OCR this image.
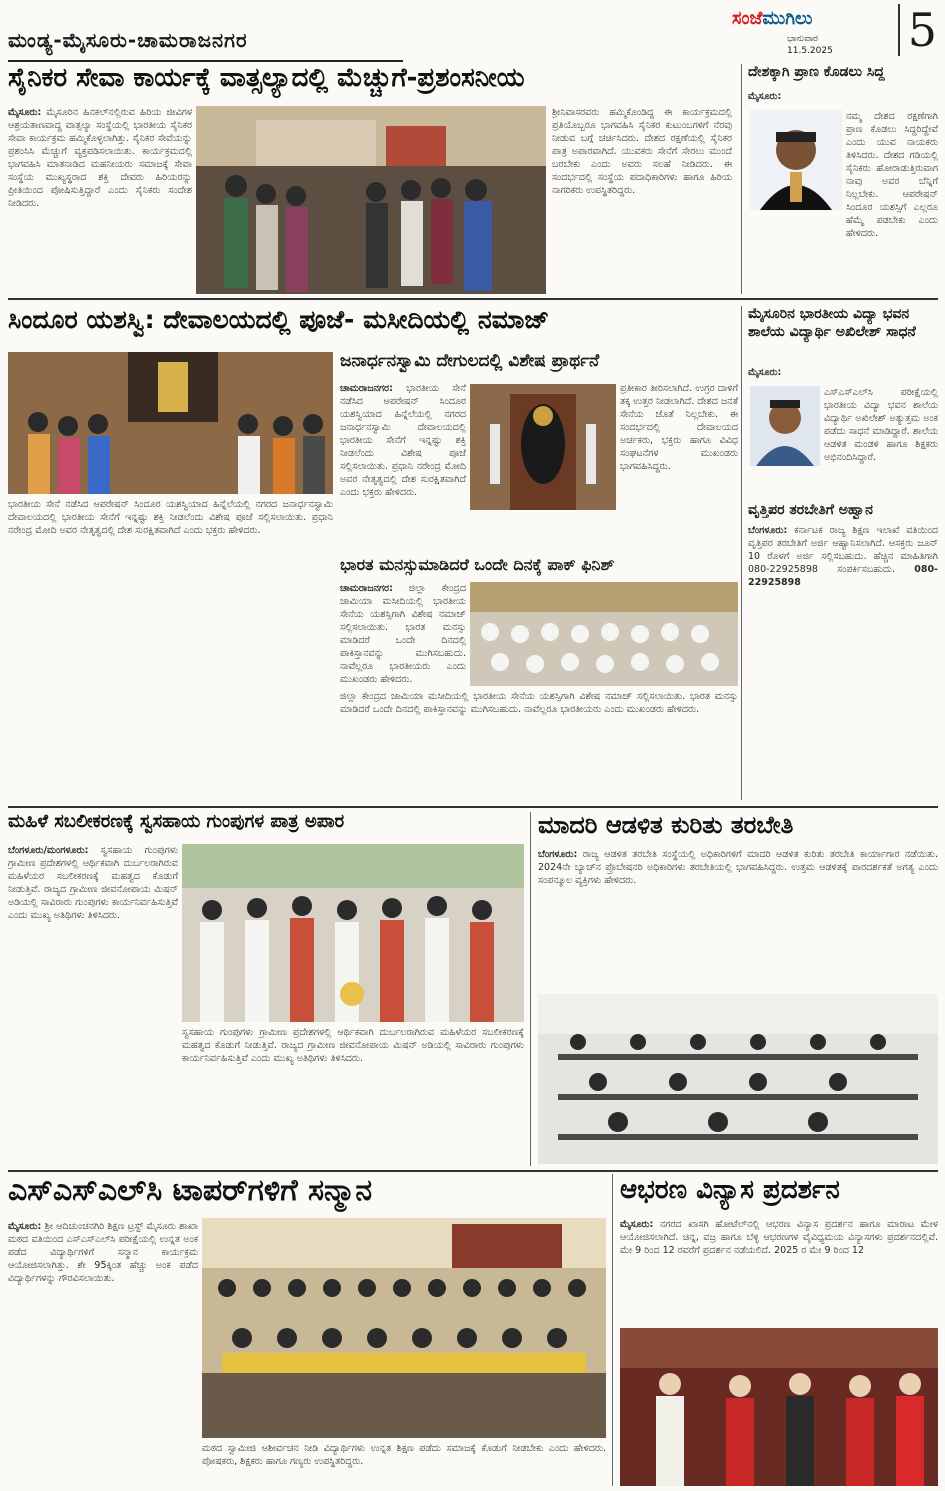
ಮಂಡ್ಯ-ಮೈಸೂರು-ಚಾಮರಾಜನಗರ
ಸಂಜೆಮುಗಿಲು
ಭಾನುವಾರ
11.5.2025 5
ಸೈನಿಕರ ಸೇವಾ ಕಾರ್ಯಕ್ಕೆ ವಾತ್ಸಲ್ಯಾದಲ್ಲಿ ಮೆಚ್ಚುಗೆ-ಪ್ರಶಂಸನೀಯ
ಮೈಸೂರು: ಮೈಸೂರಿನ ಹಿನಕಲ್‌ನಲ್ಲಿರುವ ಹಿರಿಯ ಜೀವಿಗಳ ಆಶ್ರಯತಾಣವಾದ್ದ ವಾತ್ಸಲ್ಯಾ ಸಂಸ್ಥೆಯಲ್ಲಿ ಭಾರತೀಯ ಸೈನಿಕರ ಸೇವಾ ಕಾರ್ಯಕ್ರಮ ಹಮ್ಮಿಕೊಳ್ಳಲಾಗಿತ್ತು. ಸೈನಿಕರ ಸೇವೆಯನ್ನು ಪ್ರಶಂಸಿಸಿ ಮೆಚ್ಚುಗೆ ವ್ಯಕ್ತಪಡಿಸಲಾಯಿತು. ಕಾರ್ಯಕ್ರಮದಲ್ಲಿ ಭಾಗವಹಿಸಿ ಮಾತನಾಡಿದ ಮಹನೀಯರು ಸಮಾಜಕ್ಕೆ ಸೇವಾ ಸಂಸ್ಥೆಯ ಮುಖ್ಯಸ್ಥರಾದ ಶಕ್ತಿ ದೇವರು ಹಿರಿಯರನ್ನು ಪ್ರೀತಿಯಿಂದ ಪೋಷಿಸುತ್ತಿದ್ದಾರೆ ಎಂದು ಸೈನಿಕರು ಸಂದೇಶ ನೀಡಿದರು.
ಶ್ರೀನಿವಾಸರವರು ಹಮ್ಮಿಕೊಂಡಿದ್ದ ಈ ಕಾರ್ಯಕ್ರಮದಲ್ಲಿ ಪ್ರತಿಯೊಬ್ಬರೂ ಭಾಗವಹಿಸಿ ಸೈನಿಕರ ಕುಟುಂಬಗಳಿಗೆ ನೆರವು ನೀಡುವ ಬಗ್ಗೆ ಚರ್ಚಿಸಿದರು. ದೇಶದ ರಕ್ಷಣೆಯಲ್ಲಿ ಸೈನಿಕರ ಪಾತ್ರ ಅಪಾರವಾಗಿದೆ. ಯುವಕರು ಸೇನೆಗೆ ಸೇರಲು ಮುಂದೆ ಬರಬೇಕು ಎಂದು ಅವರು ಸಲಹೆ ನೀಡಿದರು. ಈ ಸಂದರ್ಭದಲ್ಲಿ ಸಂಸ್ಥೆಯ ಪದಾಧಿಕಾರಿಗಳು ಹಾಗೂ ಹಿರಿಯ ನಾಗರಿಕರು ಉಪಸ್ಥಿತರಿದ್ದರು.
ದೇಶಕ್ಕಾಗಿ ಪ್ರಾಣ ಕೊಡಲು ಸಿದ್ದ
ಮೈಸೂರು:
ನಮ್ಮ ದೇಶದ ರಕ್ಷಣೆಗಾಗಿ ಪ್ರಾಣ ಕೊಡಲು ಸಿದ್ದರಿದ್ದೇವೆ ಎಂದು ಯುವ ನಾಯಕರು ತಿಳಿಸಿದರು. ದೇಶದ ಗಡಿಯಲ್ಲಿ ಸೈನಿಕರು ಹೋರಾಡುತ್ತಿರುವಾಗ ನಾವು ಅವರ ಬೆನ್ನಿಗೆ ನಿಲ್ಲಬೇಕು. ಆಪರೇಷನ್ ಸಿಂದೂರ ಯಶಸ್ಸಿಗೆ ಎಲ್ಲರೂ ಹೆಮ್ಮೆ ಪಡಬೇಕು ಎಂದು ಹೇಳಿದರು.
ಸಿಂದೂರ ಯಶಸ್ವಿ: ದೇವಾಲಯದಲ್ಲಿ ಪೂಜೆ- ಮಸೀದಿಯಲ್ಲಿ ನಮಾಜ್
ಜನಾರ್ಧನಸ್ವಾಮಿ ದೇಗುಲದಲ್ಲಿ ವಿಶೇಷ ಪ್ರಾರ್ಥನೆ
ಚಾಮರಾಜನಗರ: ಭಾರತೀಯ ಸೇನೆ ನಡೆಸಿದ ಆಪರೇಷನ್ ಸಿಂದೂರ ಯಶಸ್ವಿಯಾದ ಹಿನ್ನೆಲೆಯಲ್ಲಿ ನಗರದ ಜನಾರ್ಧನಸ್ವಾಮಿ ದೇವಾಲಯದಲ್ಲಿ ಭಾರತೀಯ ಸೇನೆಗೆ ಇನ್ನಷ್ಟು ಶಕ್ತಿ ನೀಡಲೆಂದು ವಿಶೇಷ ಪೂಜೆ ಸಲ್ಲಿಸಲಾಯಿತು. ಪ್ರಧಾನಿ ನರೇಂದ್ರ ಮೋದಿ ಅವರ ನೇತೃತ್ವದಲ್ಲಿ ದೇಶ ಸುರಕ್ಷಿತವಾಗಿದೆ ಎಂದು ಭಕ್ತರು ಹೇಳಿದರು.
ಪ್ರತೀಕಾರ ತೀರಿಸಲಾಗಿದೆ. ಉಗ್ರರ ದಾಳಿಗೆ ತಕ್ಕ ಉತ್ತರ ನೀಡಲಾಗಿದೆ. ದೇಶದ ಜನತೆ ಸೇನೆಯ ಜೊತೆ ನಿಲ್ಲಬೇಕು. ಈ ಸಂದರ್ಭದಲ್ಲಿ ದೇವಾಲಯದ ಅರ್ಚಕರು, ಭಕ್ತರು ಹಾಗೂ ವಿವಿಧ ಸಂಘಟನೆಗಳ ಮುಖಂಡರು ಭಾಗವಹಿಸಿದ್ದರು.
ಭಾರತೀಯ ಸೇನೆ ನಡೆಸಿದ ಆಪರೇಷನ್ ಸಿಂದೂರ ಯಶಸ್ವಿಯಾದ ಹಿನ್ನೆಲೆಯಲ್ಲಿ ನಗರದ ಜನಾರ್ಧನಸ್ವಾಮಿ ದೇವಾಲಯದಲ್ಲಿ ಭಾರತೀಯ ಸೇನೆಗೆ ಇನ್ನಷ್ಟು ಶಕ್ತಿ ನೀಡಲೆಂದು ವಿಶೇಷ ಪೂಜೆ ಸಲ್ಲಿಸಲಾಯಿತು. ಪ್ರಧಾನಿ ನರೇಂದ್ರ ಮೋದಿ ಅವರ ನೇತೃತ್ವದಲ್ಲಿ ದೇಶ ಸುರಕ್ಷಿತವಾಗಿದೆ ಎಂದು ಭಕ್ತರು ಹೇಳಿದರು.
ಭಾರತ ಮನಸ್ಸುಮಾಡಿದರೆ ಒಂದೇ ದಿನಕ್ಕೆ ಪಾಕ್ ಫಿನಿಶ್
ಚಾಮರಾಜನಗರ: ಜಿಲ್ಲಾ ಕೇಂದ್ರದ ಜಾಮಿಯಾ ಮಸೀದಿಯಲ್ಲಿ ಭಾರತೀಯ ಸೇನೆಯ ಯಶಸ್ಸಿಗಾಗಿ ವಿಶೇಷ ನಮಾಜ್ ಸಲ್ಲಿಸಲಾಯಿತು. ಭಾರತ ಮನಸ್ಸು ಮಾಡಿದರೆ ಒಂದೇ ದಿನದಲ್ಲಿ ಪಾಕಿಸ್ತಾನವನ್ನು ಮುಗಿಸಬಹುದು. ನಾವೆಲ್ಲರೂ ಭಾರತೀಯರು ಎಂದು ಮುಖಂಡರು ಹೇಳಿದರು.
ಜಿಲ್ಲಾ ಕೇಂದ್ರದ ಜಾಮಿಯಾ ಮಸೀದಿಯಲ್ಲಿ ಭಾರತೀಯ ಸೇನೆಯ ಯಶಸ್ಸಿಗಾಗಿ ವಿಶೇಷ ನಮಾಜ್ ಸಲ್ಲಿಸಲಾಯಿತು. ಭಾರತ ಮನಸ್ಸು ಮಾಡಿದರೆ ಒಂದೇ ದಿನದಲ್ಲಿ ಪಾಕಿಸ್ತಾನವನ್ನು ಮುಗಿಸಬಹುದು. ನಾವೆಲ್ಲರೂ ಭಾರತೀಯರು ಎಂದು ಮುಖಂಡರು ಹೇಳಿದರು.
ಮೈಸೂರಿನ ಭಾರತೀಯ ವಿದ್ಯಾ ಭವನ ಶಾಲೆಯ ವಿದ್ಯಾರ್ಥಿ ಅಖಿಲೇಶ್ ಸಾಧನೆ
ಮೈಸೂರು:
ಎಸ್‌ಎಸ್‌ಎಲ್‌ಸಿ ಪರೀಕ್ಷೆಯಲ್ಲಿ ಭಾರತೀಯ ವಿದ್ಯಾ ಭವನ ಶಾಲೆಯ ವಿದ್ಯಾರ್ಥಿ ಅಖಿಲೇಶ್ ಅತ್ಯುತ್ತಮ ಅಂಕ ಪಡೆದು ಸಾಧನೆ ಮಾಡಿದ್ದಾರೆ. ಶಾಲೆಯ ಆಡಳಿತ ಮಂಡಳಿ ಹಾಗೂ ಶಿಕ್ಷಕರು ಅಭಿನಂದಿಸಿದ್ದಾರೆ.
ವೃತ್ತಿಪರ ತರಬೇತಿಗೆ ಅಹ್ವಾನ
ಬೆಂಗಳೂರು: ಕರ್ನಾಟಕ ರಾಜ್ಯ ಶಿಕ್ಷಣ ಇಲಾಖೆ ವತಿಯಿಂದ ವೃತ್ತಿಪರ ತರಬೇತಿಗೆ ಅರ್ಜಿ ಆಹ್ವಾನಿಸಲಾಗಿದೆ. ಆಸಕ್ತರು ಜೂನ್ 10 ರೊಳಗೆ ಅರ್ಜಿ ಸಲ್ಲಿಸಬಹುದು. ಹೆಚ್ಚಿನ ಮಾಹಿತಿಗಾಗಿ 080-22925898 ಸಂಪರ್ಕಿಸಬಹುದು. 080-22925898
ಮಹಿಳೆ ಸಬಲೀಕರಣಕ್ಕೆ ಸ್ವಸಹಾಯ ಗುಂಪುಗಳ ಪಾತ್ರ ಅಪಾರ
ಬೆಂಗಳೂರು/ಮಂಗಳೂರು: ಸ್ವಸಹಾಯ ಗುಂಪುಗಳು ಗ್ರಾಮೀಣ ಪ್ರದೇಶಗಳಲ್ಲಿ ಆರ್ಥಿಕವಾಗಿ ದುರ್ಬಲರಾಗಿರುವ ಮಹಿಳೆಯರ ಸಬಲೀಕರಣಕ್ಕೆ ಮಹತ್ವದ ಕೊಡುಗೆ ನೀಡುತ್ತಿವೆ. ರಾಜ್ಯದ ಗ್ರಾಮೀಣ ಜೀವನೋಪಾಯ ಮಿಷನ್ ಅಡಿಯಲ್ಲಿ ಸಾವಿರಾರು ಗುಂಪುಗಳು ಕಾರ್ಯನಿರ್ವಹಿಸುತ್ತಿವೆ ಎಂದು ಮುಖ್ಯ ಅತಿಥಿಗಳು ತಿಳಿಸಿದರು.
ಸ್ವಸಹಾಯ ಗುಂಪುಗಳು ಗ್ರಾಮೀಣ ಪ್ರದೇಶಗಳಲ್ಲಿ ಆರ್ಥಿಕವಾಗಿ ದುರ್ಬಲರಾಗಿರುವ ಮಹಿಳೆಯರ ಸಬಲೀಕರಣಕ್ಕೆ ಮಹತ್ವದ ಕೊಡುಗೆ ನೀಡುತ್ತಿವೆ. ರಾಜ್ಯದ ಗ್ರಾಮೀಣ ಜೀವನೋಪಾಯ ಮಿಷನ್ ಅಡಿಯಲ್ಲಿ ಸಾವಿರಾರು ಗುಂಪುಗಳು ಕಾರ್ಯನಿರ್ವಹಿಸುತ್ತಿವೆ ಎಂದು ಮುಖ್ಯ ಅತಿಥಿಗಳು ತಿಳಿಸಿದರು.
ಮಾದರಿ ಆಡಳಿತ ಕುರಿತು ತರಬೇತಿ
ಬೆಂಗಳೂರು: ರಾಜ್ಯ ಆಡಳಿತ ತರಬೇತಿ ಸಂಸ್ಥೆಯಲ್ಲಿ ಅಧಿಕಾರಿಗಳಿಗೆ ಮಾದರಿ ಆಡಳಿತ ಕುರಿತು ತರಬೇತಿ ಕಾರ್ಯಾಗಾರ ನಡೆಯಿತು. 2024ನೇ ಬ್ಯಾಚ್‌ನ ಪ್ರೊಬೇಷನರಿ ಅಧಿಕಾರಿಗಳು ತರಬೇತಿಯಲ್ಲಿ ಭಾಗವಹಿಸಿದ್ದರು. ಉತ್ತಮ ಆಡಳಿತಕ್ಕೆ ಪಾರದರ್ಶಕತೆ ಅಗತ್ಯ ಎಂದು ಸಂಪನ್ಮೂಲ ವ್ಯಕ್ತಿಗಳು ಹೇಳಿದರು.
ಎಸ್‌ಎಸ್‌ಎಲ್‌ಸಿ ಟಾಪರ್‌ಗಳಿಗೆ ಸನ್ಮಾನ
ಮೈಸೂರು: ಶ್ರೀ ಆದಿಚುಂಚನಗಿರಿ ಶಿಕ್ಷಣ ಟ್ರಸ್ಟ್ ಮೈಸೂರು ಶಾಖಾ ಮಠದ ವತಿಯಿಂದ ಎಸ್‌ಎಸ್‌ಎಲ್‌ಸಿ ಪರೀಕ್ಷೆಯಲ್ಲಿ ಉನ್ನತ ಅಂಕ ಪಡೆದ ವಿದ್ಯಾರ್ಥಿಗಳಿಗೆ ಸನ್ಮಾನ ಕಾರ್ಯಕ್ರಮ ಆಯೋಜಿಸಲಾಗಿತ್ತು. ಶೇ 95ಕ್ಕಿಂತ ಹೆಚ್ಚು ಅಂಕ ಪಡೆದ ವಿದ್ಯಾರ್ಥಿಗಳನ್ನು ಗೌರವಿಸಲಾಯಿತು.
ಮಠದ ಸ್ವಾಮೀಜಿ ಆಶೀರ್ವಚನ ನೀಡಿ ವಿದ್ಯಾರ್ಥಿಗಳು ಉನ್ನತ ಶಿಕ್ಷಣ ಪಡೆದು ಸಮಾಜಕ್ಕೆ ಕೊಡುಗೆ ನೀಡಬೇಕು ಎಂದು ಹೇಳಿದರು. ಪೋಷಕರು, ಶಿಕ್ಷಕರು ಹಾಗೂ ಗಣ್ಯರು ಉಪಸ್ಥಿತರಿದ್ದರು.
ಆಭರಣ ವಿನ್ಯಾಸ ಪ್ರದರ್ಶನ
ಮೈಸೂರು: ನಗರದ ಖಾಸಗಿ ಹೋಟೆಲ್‌ನಲ್ಲಿ ಆಭರಣ ವಿನ್ಯಾಸ ಪ್ರದರ್ಶನ ಹಾಗೂ ಮಾರಾಟ ಮೇಳ ಆಯೋಜಿಸಲಾಗಿದೆ. ಚಿನ್ನ, ವಜ್ರ ಹಾಗೂ ಬೆಳ್ಳಿ ಆಭರಣಗಳ ವೈವಿಧ್ಯಮಯ ವಿನ್ಯಾಸಗಳು ಪ್ರದರ್ಶನದಲ್ಲಿವೆ. ಮೇ 9 ರಿಂದ 12 ರವರೆಗೆ ಪ್ರದರ್ಶನ ನಡೆಯಲಿದೆ. 2025 ರ ಮೇ 9 ರಿಂದ 12
